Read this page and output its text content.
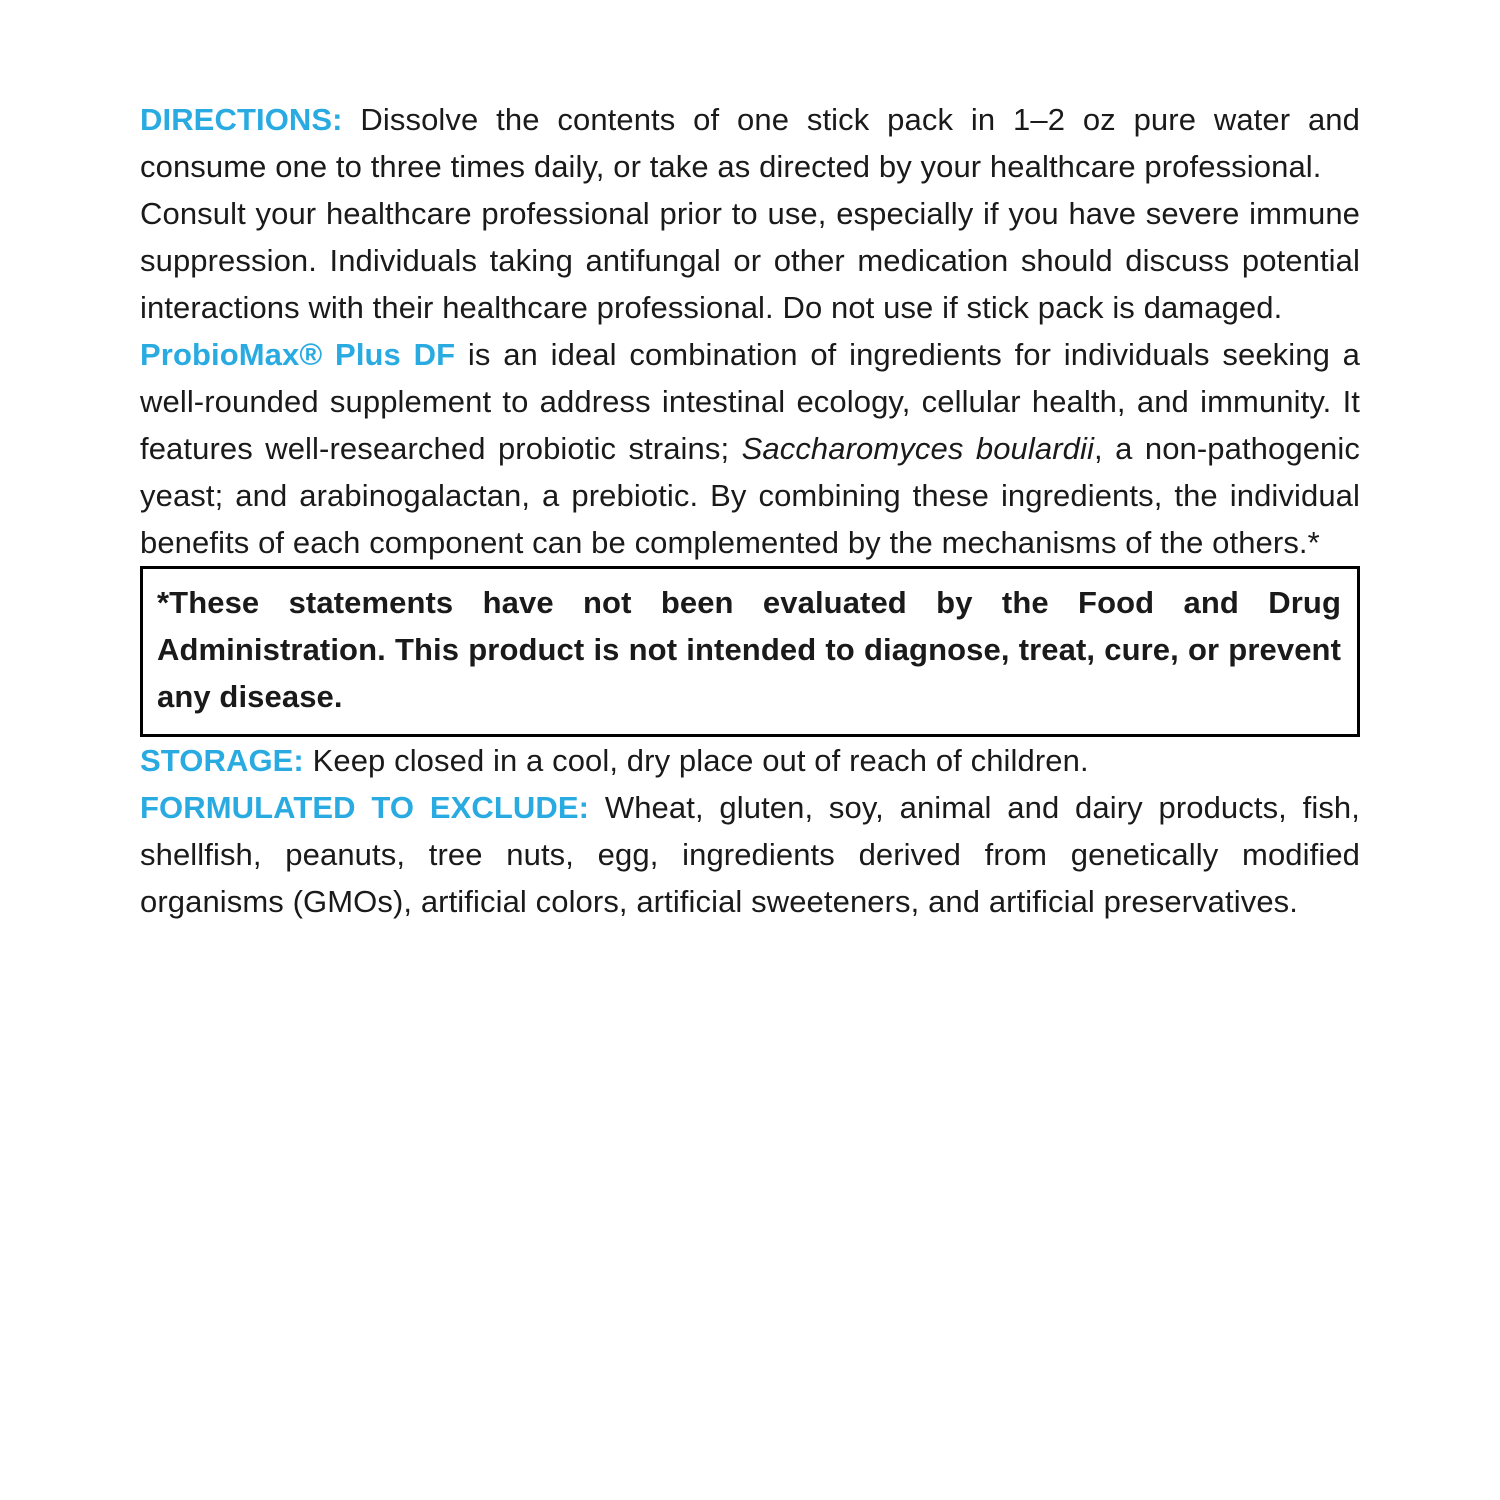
DIRECTIONS: Dissolve the contents of one stick pack in 1–2 oz pure water and consume one to three times daily, or take as directed by your healthcare professional.

Consult your healthcare professional prior to use, especially if you have severe immune suppression. Individuals taking antifungal or other medication should discuss potential interactions with their healthcare professional. Do not use if stick pack is damaged.

ProbioMax® Plus DF is an ideal combination of ingredients for individuals seeking a well-rounded supplement to address intestinal ecology, cellular health, and immunity. It features well-researched probiotic strains; Saccharomyces boulardii, a non-pathogenic yeast; and arabinogalactan, a prebiotic. By combining these ingredients, the individual benefits of each component can be complemented by the mechanisms of the others.*

*These statements have not been evaluated by the Food and Drug Administration. This product is not intended to diagnose, treat, cure, or prevent any disease.

STORAGE: Keep closed in a cool, dry place out of reach of children.

FORMULATED TO EXCLUDE: Wheat, gluten, soy, animal and dairy products, fish, shellfish, peanuts, tree nuts, egg, ingredients derived from genetically modified organisms (GMOs), artificial colors, artificial sweeteners, and artificial preservatives.
